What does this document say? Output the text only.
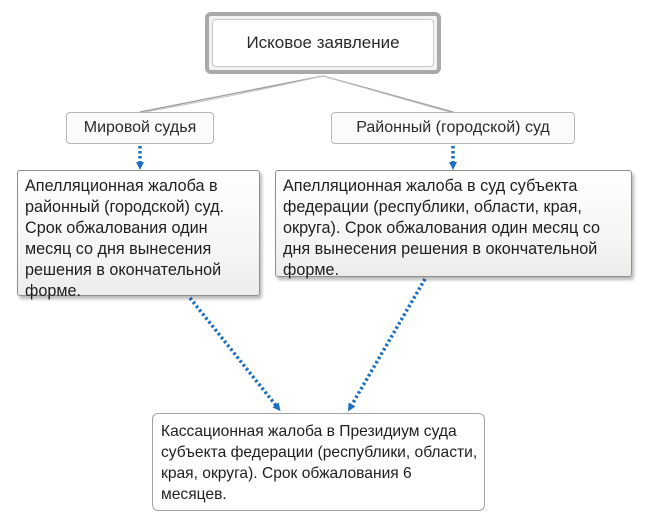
Исковое заявление
Мировой судья	Районный (городской) суд
Апелляционная жалоба в районный (городской) суд. Срок обжалования один месяц со дня вынесения решения в окончательной форме.
Апелляционная жалоба в суд субъекта федерации (республики, области, края, округа). Срок обжалования один месяц со дня вынесения решения в окончательной форме.
Кассационная жалоба в Президиум суда субъекта федерации (республики, области, края, округа). Срок обжалования 6 месяцев.
